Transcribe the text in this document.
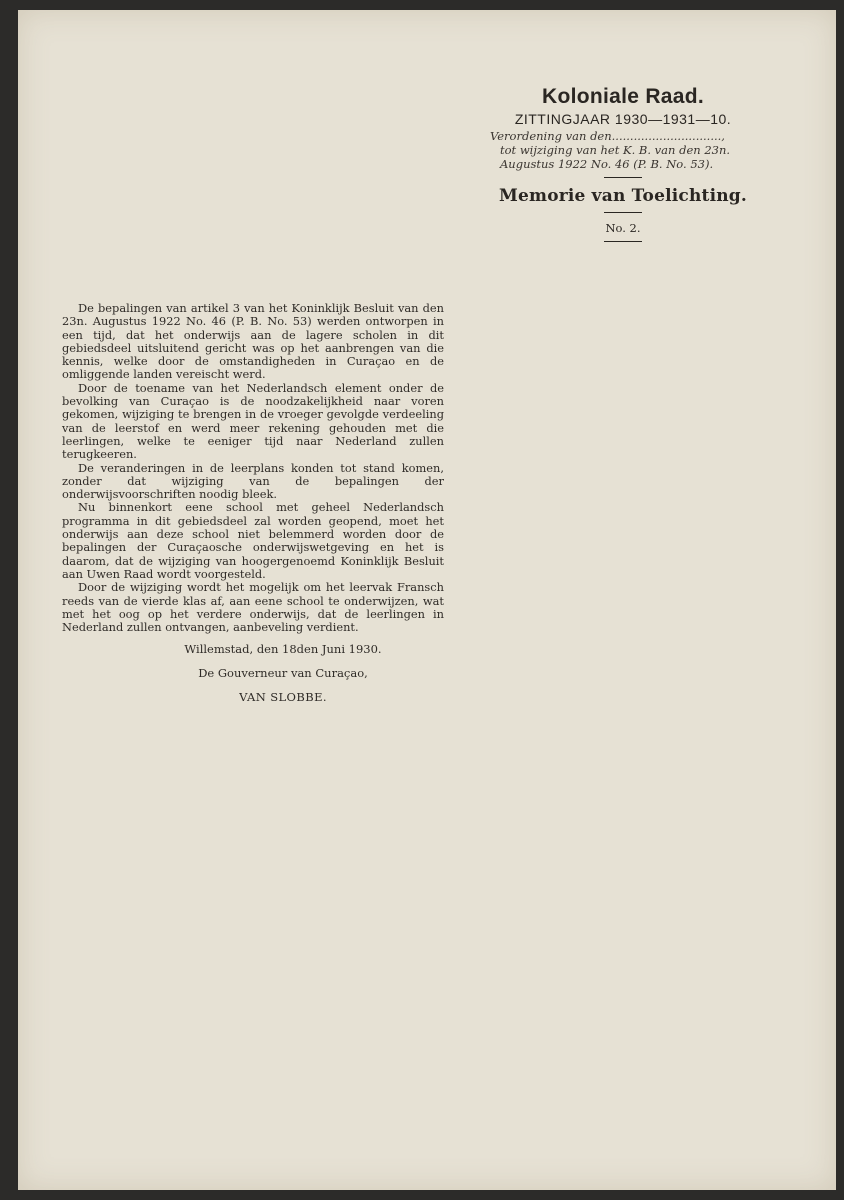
Koloniale Raad.
ZITTINGJAAR 1930—1931—10.
Verordening van den..............................,
tot wijziging van het K. B. van den 23n.
Augustus 1922 No. 46 (P. B. No. 53).
Memorie van Toelichting.
No. 2.

De bepalingen van artikel 3 van het Koninklijk Besluit van den 23n. Augustus 1922 No. 46 (P. B. No. 53) werden ontworpen in een tijd, dat het onderwijs aan de lagere scholen in dit gebiedsdeel uitsluitend gericht was op het aanbrengen van die kennis, welke door de omstandigheden in Curaçao en de omliggende landen vereischt werd.

Door de toename van het Nederlandsch element onder de bevolking van Curaçao is de noodzakelijkheid naar voren gekomen, wijziging te brengen in de vroeger gevolgde verdeeling van de leerstof en werd meer rekening gehouden met die leerlingen, welke te eeniger tijd naar Nederland zullen terugkeeren.

De veranderingen in de leerplans konden tot stand komen, zonder dat wijziging van de bepalingen der onderwijsvoorschriften noodig bleek.

Nu binnenkort eene school met geheel Nederlandsch programma in dit gebiedsdeel zal worden geopend, moet het onderwijs aan deze school niet belemmerd worden door de bepalingen der Curaçaosche onderwijswetgeving en het is daarom, dat de wijziging van hoogergenoemd Koninklijk Besluit aan Uwen Raad wordt voorgesteld.

Door de wijziging wordt het mogelijk om het leervak Fransch reeds van de vierde klas af, aan eene school te onderwijzen, wat met het oog op het verdere onderwijs, dat de leerlingen in Nederland zullen ontvangen, aanbeveling verdient.

Willemstad, den 18den Juni 1930.
De Gouverneur van Curaçao,
VAN SLOBBE.
